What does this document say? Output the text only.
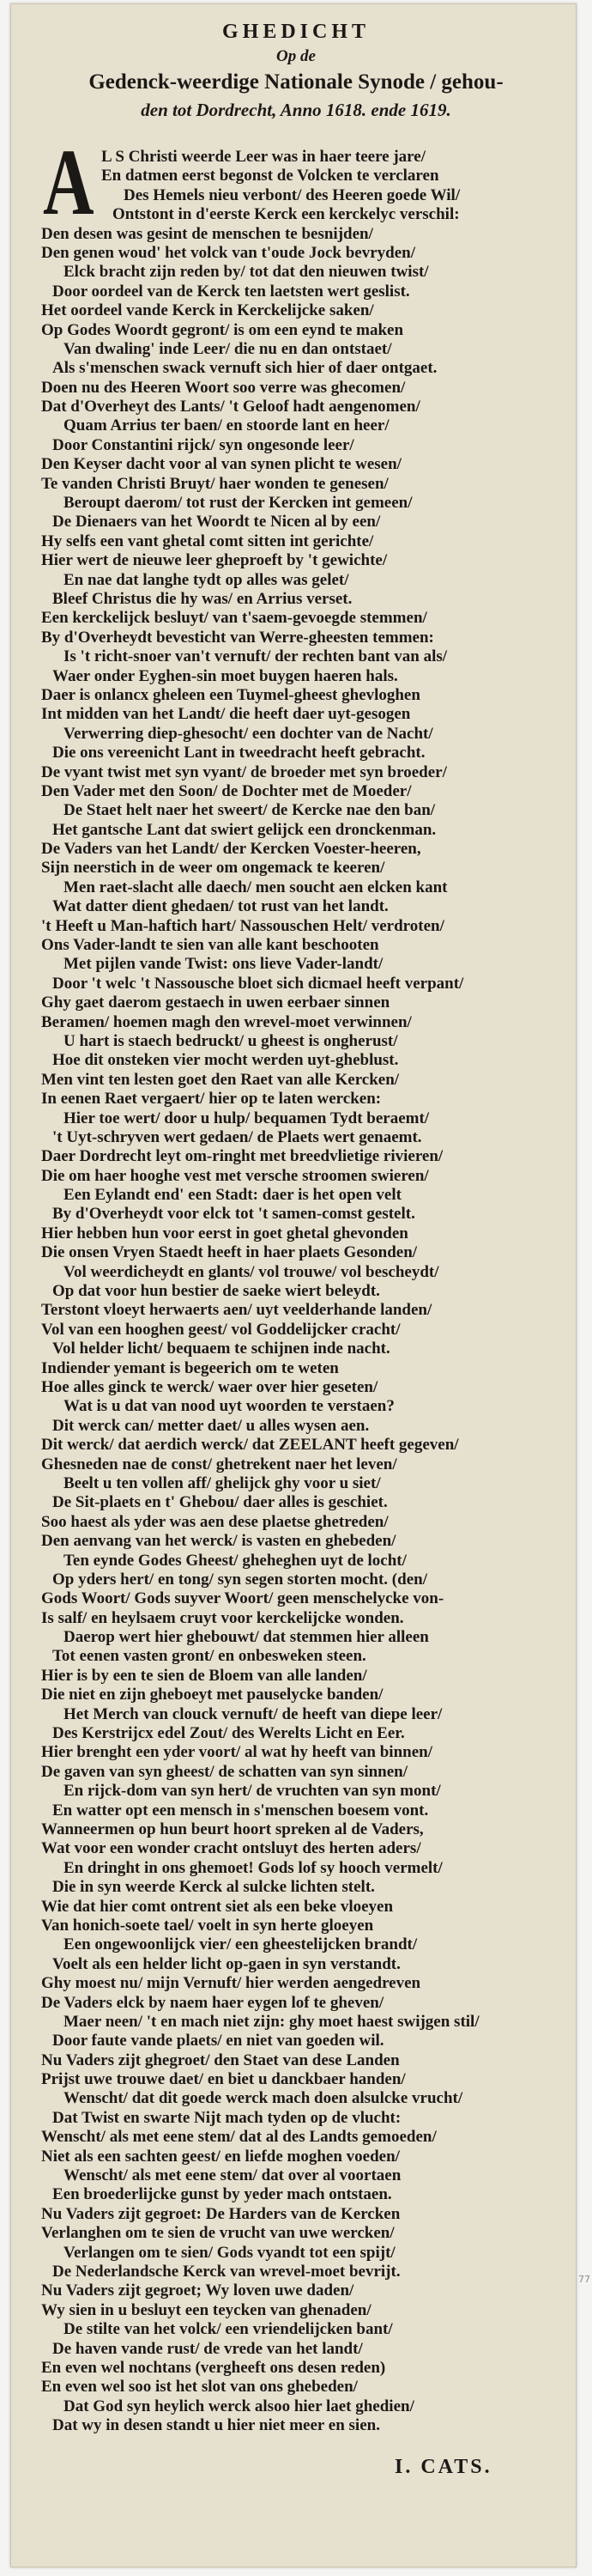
GHEDICHT
Op de
Gedenck-weerdige Nationale Synode / gehou-
den tot Dordrecht, Anno 1618. ende 1619.
A L S Christi weerde Leer was in haer teere jare/
En datmen eerst begonst de Volcken te verclaren
Des Hemels nieu verbont/ des Heeren goede Wil/
Ontstont in d'eerste Kerck een kerckelyc verschil:
Den desen was gesint de menschen te besnijden/
Den genen woud' het volck van t'oude Jock bevryden/
Elck bracht zijn reden by/ tot dat den nieuwen twist/
Door oordeel van de Kerck ten laetsten wert geslist.
Het oordeel vande Kerck in Kerckelijcke saken/
Op Godes Woordt gegront/ is om een eynd te maken
Van dwaling' inde Leer/ die nu en dan ontstaet/
Als s'menschen swack vernuft sich hier of daer ontgaet.
Doen nu des Heeren Woort soo verre was ghecomen/
Dat d'Overheyt des Lants/ 't Geloof hadt aengenomen/
Quam Arrius ter baen/ en stoorde lant en heer/
Door Constantini rijck/ syn ongesonde leer/
Den Keyser dacht voor al van synen plicht te wesen/
Te vanden Christi Bruyt/ haer wonden te genesen/
Beroupt daerom/ tot rust der Kercken int gemeen/
De Dienaers van het Woordt te Nicen al by een/
Hy selfs een vant ghetal comt sitten int gerichte/
Hier wert de nieuwe leer gheproeft by 't gewichte/
En nae dat langhe tydt op alles was gelet/
Bleef Christus die hy was/ en Arrius verset.
Een kerckelijck besluyt/ van t'saem-gevoegde stemmen/
By d'Overheydt bevesticht van Werre-gheesten temmen:
Is 't richt-snoer van't vernuft/ der rechten bant van als/
Waer onder Eyghen-sin moet buygen haeren hals.
Daer is onlancx gheleen een Tuymel-gheest ghevloghen
Int midden van het Landt/ die heeft daer uyt-gesogen
Verwerring diep-ghesocht/ een dochter van de Nacht/
Die ons vereenicht Lant in tweedracht heeft gebracht.
De vyant twist met syn vyant/ de broeder met syn broeder/
Den Vader met den Soon/ de Dochter met de Moeder/
De Staet helt naer het sweert/ de Kercke nae den ban/
Het gantsche Lant dat swiert gelijck een dronckenman.
De Vaders van het Landt/ der Kercken Voester-heeren,
Sijn neerstich in de weer om ongemack te keeren/
Men raet-slacht alle daech/ men soucht aen elcken kant
Wat datter dient ghedaen/ tot rust van het landt.
't Heeft u Man-haftich hart/ Nassouschen Helt/ verdroten/
Ons Vader-landt te sien van alle kant beschooten
Met pijlen vande Twist: ons lieve Vader-landt/
Door 't welc 't Nassousche bloet sich dicmael heeft verpant/
Ghy gaet daerom gestaech in uwen eerbaer sinnen
Beramen/ hoemen magh den wrevel-moet verwinnen/
U hart is staech bedruckt/ u gheest is ongherust/
Hoe dit onsteken vier mocht werden uyt-gheblust.
Men vint ten lesten goet den Raet van alle Kercken/
In eenen Raet vergaert/ hier op te laten wercken:
Hier toe wert/ door u hulp/ bequamen Tydt beraemt/
't Uyt-schryven wert gedaen/ de Plaets wert genaemt.
Daer Dordrecht leyt om-ringht met breedvlietige rivieren/
Die om haer hooghe vest met versche stroomen swieren/
Een Eylandt end' een Stadt: daer is het open velt
By d'Overheydt voor elck tot 't samen-comst gestelt.
Hier hebben hun voor eerst in goet ghetal ghevonden
Die onsen Vryen Staedt heeft in haer plaets Gesonden/
Vol weerdicheydt en glants/ vol trouwe/ vol bescheydt/
Op dat voor hun bestier de saeke wiert beleydt.
Terstont vloeyt herwaerts aen/ uyt veelderhande landen/
Vol van een hooghen geest/ vol Goddelijcker cracht/
Vol helder licht/ bequaem te schijnen inde nacht.
Indiender yemant is begeerich om te weten
Hoe alles ginck te werck/ waer over hier geseten/
Wat is u dat van nood uyt woorden te verstaen?
Dit werck can/ metter daet/ u alles wysen aen.
Dit werck/ dat aerdich werck/ dat ZEELANT heeft gegeven/
Ghesneden nae de const/ ghetrekent naer het leven/
Beelt u ten vollen aff/ ghelijck ghy voor u siet/
De Sit-plaets en t' Ghebou/ daer alles is geschiet.
Soo haest als yder was aen dese plaetse ghetreden/
Den aenvang van het werck/ is vasten en ghebeden/
Ten eynde Godes Gheest/ gheheghen uyt de locht/
Op yders hert/ en tong/ syn segen storten mocht. (den/
Gods Woort/ Gods suyver Woort/ geen menschelycke von-
Is salf/ en heylsaem cruyt voor kerckelijcke wonden.
Daerop wert hier ghebouwt/ dat stemmen hier alleen
Tot eenen vasten gront/ en onbesweken steen.
Hier is by een te sien de Bloem van alle landen/
Die niet en zijn gheboeyt met pauselycke banden/
Het Merch van clouck vernuft/ de heeft van diepe leer/
Des Kerstrijcx edel Zout/ des Werelts Licht en Eer.
Hier brenght een yder voort/ al wat hy heeft van binnen/
De gaven van syn gheest/ de schatten van syn sinnen/
En rijck-dom van syn hert/ de vruchten van syn mont/
En watter opt een mensch in s'menschen boesem vont.
Wanneermen op hun beurt hoort spreken al de Vaders,
Wat voor een wonder cracht ontsluyt des herten aders/
En dringht in ons ghemoet! Gods lof sy hooch vermelt/
Die in syn weerde Kerck al sulcke lichten stelt.
Wie dat hier comt ontrent siet als een beke vloeyen
Van honich-soete tael/ voelt in syn herte gloeyen
Een ongewoonlijck vier/ een gheestelijcken brandt/
Voelt als een helder licht op-gaen in syn verstandt.
Ghy moest nu/ mijn Vernuft/ hier werden aengedreven
De Vaders elck by naem haer eygen lof te gheven/
Maer neen/ 't en mach niet zijn: ghy moet haest swijgen stil/
Door faute vande plaets/ en niet van goeden wil.
Nu Vaders zijt ghegroet/ den Staet van dese Landen
Prijst uwe trouwe daet/ en biet u danckbaer handen/
Wenscht/ dat dit goede werck mach doen alsulcke vrucht/
Dat Twist en swarte Nijt mach tyden op de vlucht:
Wenscht/ als met eene stem/ dat al des Landts gemoeden/
Niet als een sachten geest/ en liefde moghen voeden/
Wenscht/ als met eene stem/ dat over al voortaen
Een broederlijcke gunst by yeder mach ontstaen.
Nu Vaders zijt gegroet: De Harders van de Kercken
Verlanghen om te sien de vrucht van uwe wercken/
Verlangen om te sien/ Gods vyandt tot een spijt/
De Nederlandsche Kerck van wrevel-moet bevrijt.
Nu Vaders zijt gegroet; Wy loven uwe daden/
Wy sien in u besluyt een teycken van ghenaden/
De stilte van het volck/ een vriendelijcken bant/
De haven vande rust/ de vrede van het landt/
En even wel nochtans (vergheeft ons desen reden)
En even wel soo ist het slot van ons ghebeden/
Dat God syn heylich werck alsoo hier laet ghedien/
Dat wy in desen standt u hier niet meer en sien.
I. CATS.
77
